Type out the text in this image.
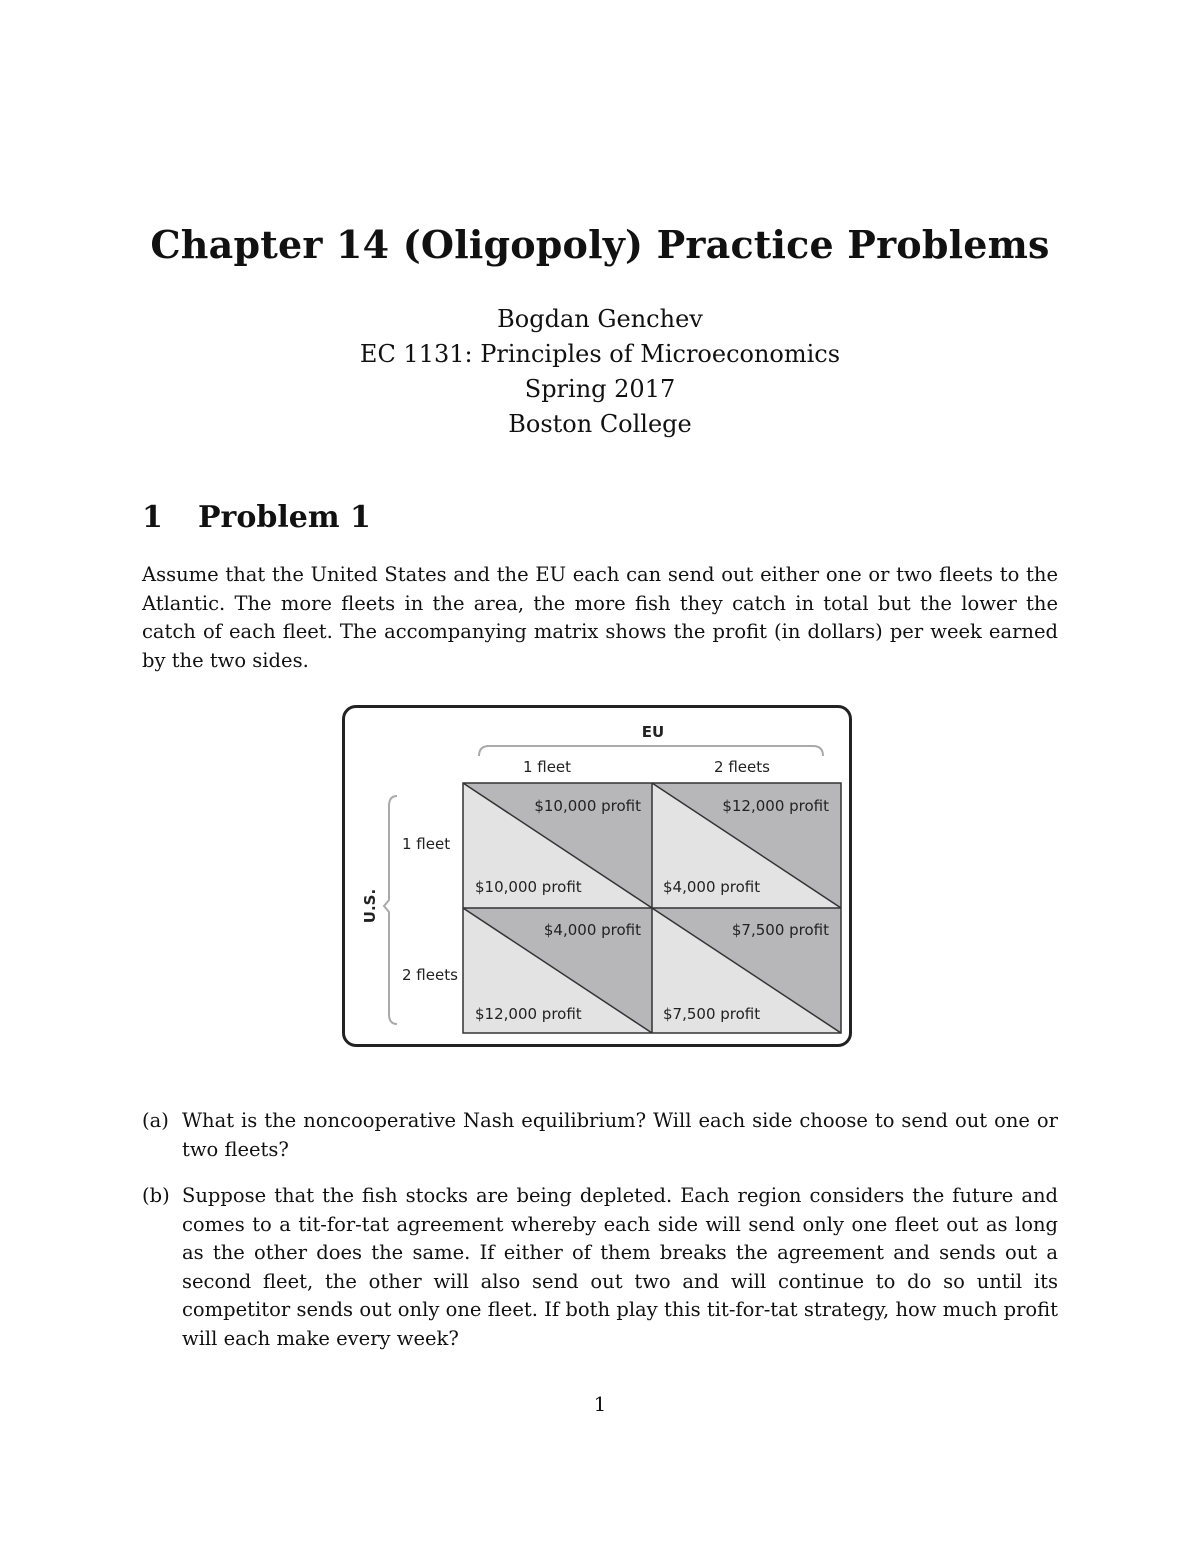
Chapter 14 (Oligopoly) Practice Problems
Bogdan Genchev
EC 1131: Principles of Microeconomics
Spring 2017
Boston College
1 Problem 1
Assume that the United States and the EU each can send out either one or two fleets to the Atlantic. The more fleets in the area, the more fish they catch in total but the lower the catch of each fleet. The accompanying matrix shows the profit (in dollars) per week earned by the two sides.
EU
1 fleet	2 fleets
U.S.
1 fleet
2 fleets
$10,000 profit
$10,000 profit
$12,000 profit
$4,000 profit
$4,000 profit
$12,000 profit
$7,500 profit
$7,500 profit
(a) What is the noncooperative Nash equilibrium? Will each side choose to send out one or two fleets?
(b) Suppose that the fish stocks are being depleted. Each region considers the future and comes to a tit-for-tat agreement whereby each side will send only one fleet out as long as the other does the same. If either of them breaks the agreement and sends out a second fleet, the other will also send out two and will continue to do so until its competitor sends out only one fleet. If both play this tit-for-tat strategy, how much profit will each make every week?
1
